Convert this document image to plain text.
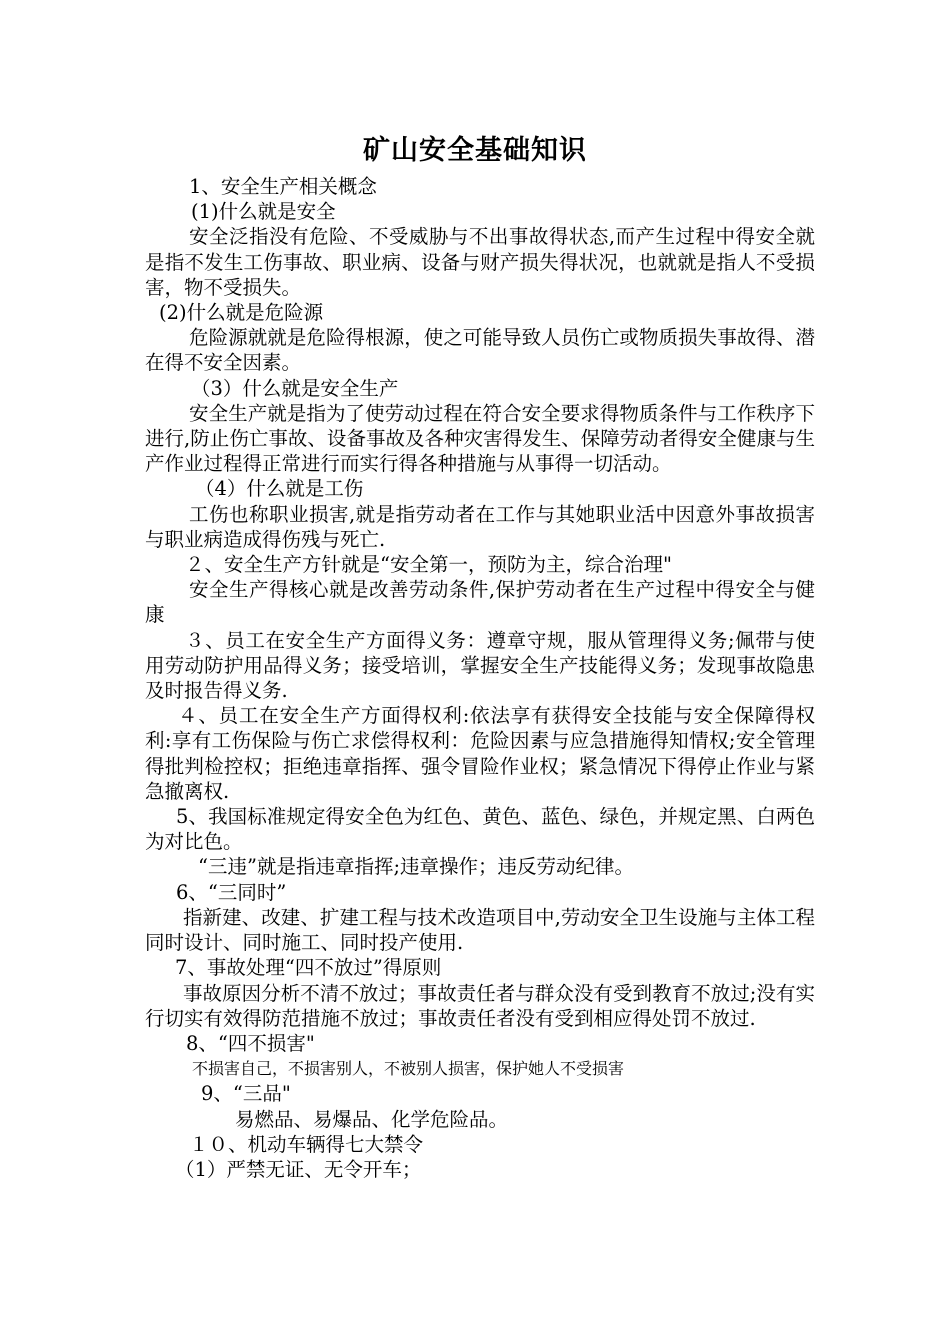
矿山安全基础知识

1、安全生产相关概念

(1)什么就是安全

安全泛指没有危险、不受威胁与不出事故得状态,而产生过程中得安全就是指不发生工伤事故、职业病、设备与财产损失得状况，也就就是指人不受损害，物不受损失。

(2)什么就是危险源

危险源就就是危险得根源，使之可能导致人员伤亡或物质损失事故得、潜在得不安全因素。

（3）什么就是安全生产

安全生产就是指为了使劳动过程在符合安全要求得物质条件与工作秩序下进行,防止伤亡事故、设备事故及各种灾害得发生、保障劳动者得安全健康与生产作业过程得正常进行而实行得各种措施与从事得一切活动。

（4）什么就是工伤

工伤也称职业损害,就是指劳动者在工作与其她职业活中因意外事故损害与职业病造成得伤残与死亡.

２、安全生产方针就是“安全第一，预防为主，综合治理"

安全生产得核心就是改善劳动条件,保护劳动者在生产过程中得安全与健康

３、员工在安全生产方面得义务：遵章守规，服从管理得义务;佩带与使用劳动防护用品得义务；接受培训，掌握安全生产技能得义务；发现事故隐患及时报告得义务.

４、员工在安全生产方面得权利:依法享有获得安全技能与安全保障得权利:享有工伤保险与伤亡求偿得权利：危险因素与应急措施得知情权;安全管理得批判检控权；拒绝违章指挥、强令冒险作业权；紧急情况下得停止作业与紧急撤离权.

5、我国标准规定得安全色为红色、黄色、蓝色、绿色，并规定黑、白两色为对比色。

“三违”就是指违章指挥;违章操作；违反劳动纪律。

6、“三同时”

指新建、改建、扩建工程与技术改造项目中,劳动安全卫生设施与主体工程同时设计、同时施工、同时投产使用.

7、事故处理“四不放过”得原则

事故原因分析不清不放过；事故责任者与群众没有受到教育不放过;没有实行切实有效得防范措施不放过；事故责任者没有受到相应得处罚不放过.

8、“四不损害"

不损害自己，不损害别人，不被别人损害，保护她人不受损害

9、“三品"

易燃品、易爆品、化学危险品。

１０、机动车辆得七大禁令

（1）严禁无证、无令开车；
